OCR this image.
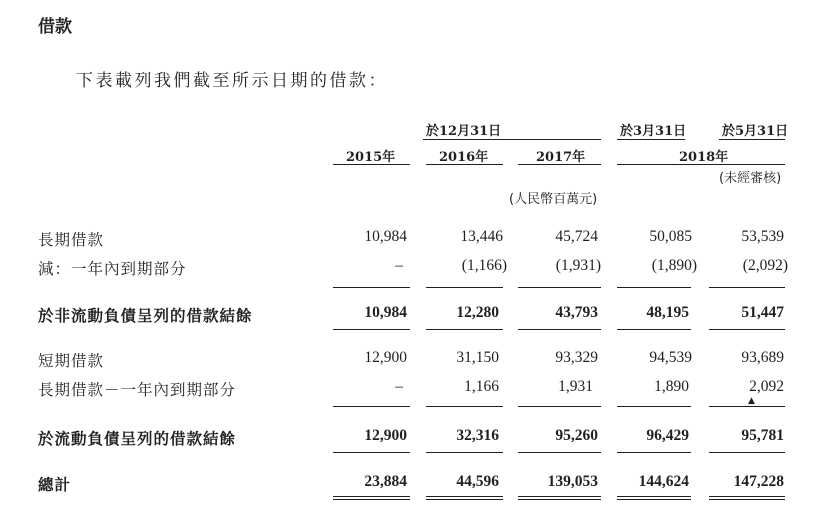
借款
下表載列我們截至所示日期的借款：
於12月31日	於3月31日	於5月31日
2015年	2016年	2017年	2018年
(未經審核)
(人民幣百萬元)
長期借款	10,984	13,446	45,724	50,085	53,539
減：一年內到期部分	–	(1,166)	(1,931)	(1,890)	(2,092)
於非流動負債呈列的借款結餘	10,984	12,280	43,793	48,195	51,447
短期借款	12,900	31,150	93,329	94,539	93,689
長期借款－一年內到期部分	–	1,166	1,931	1,890	2,092
▲
於流動負債呈列的借款結餘	12,900	32,316	95,260	96,429	95,781
總計	23,884	44,596	139,053	144,624	147,228
